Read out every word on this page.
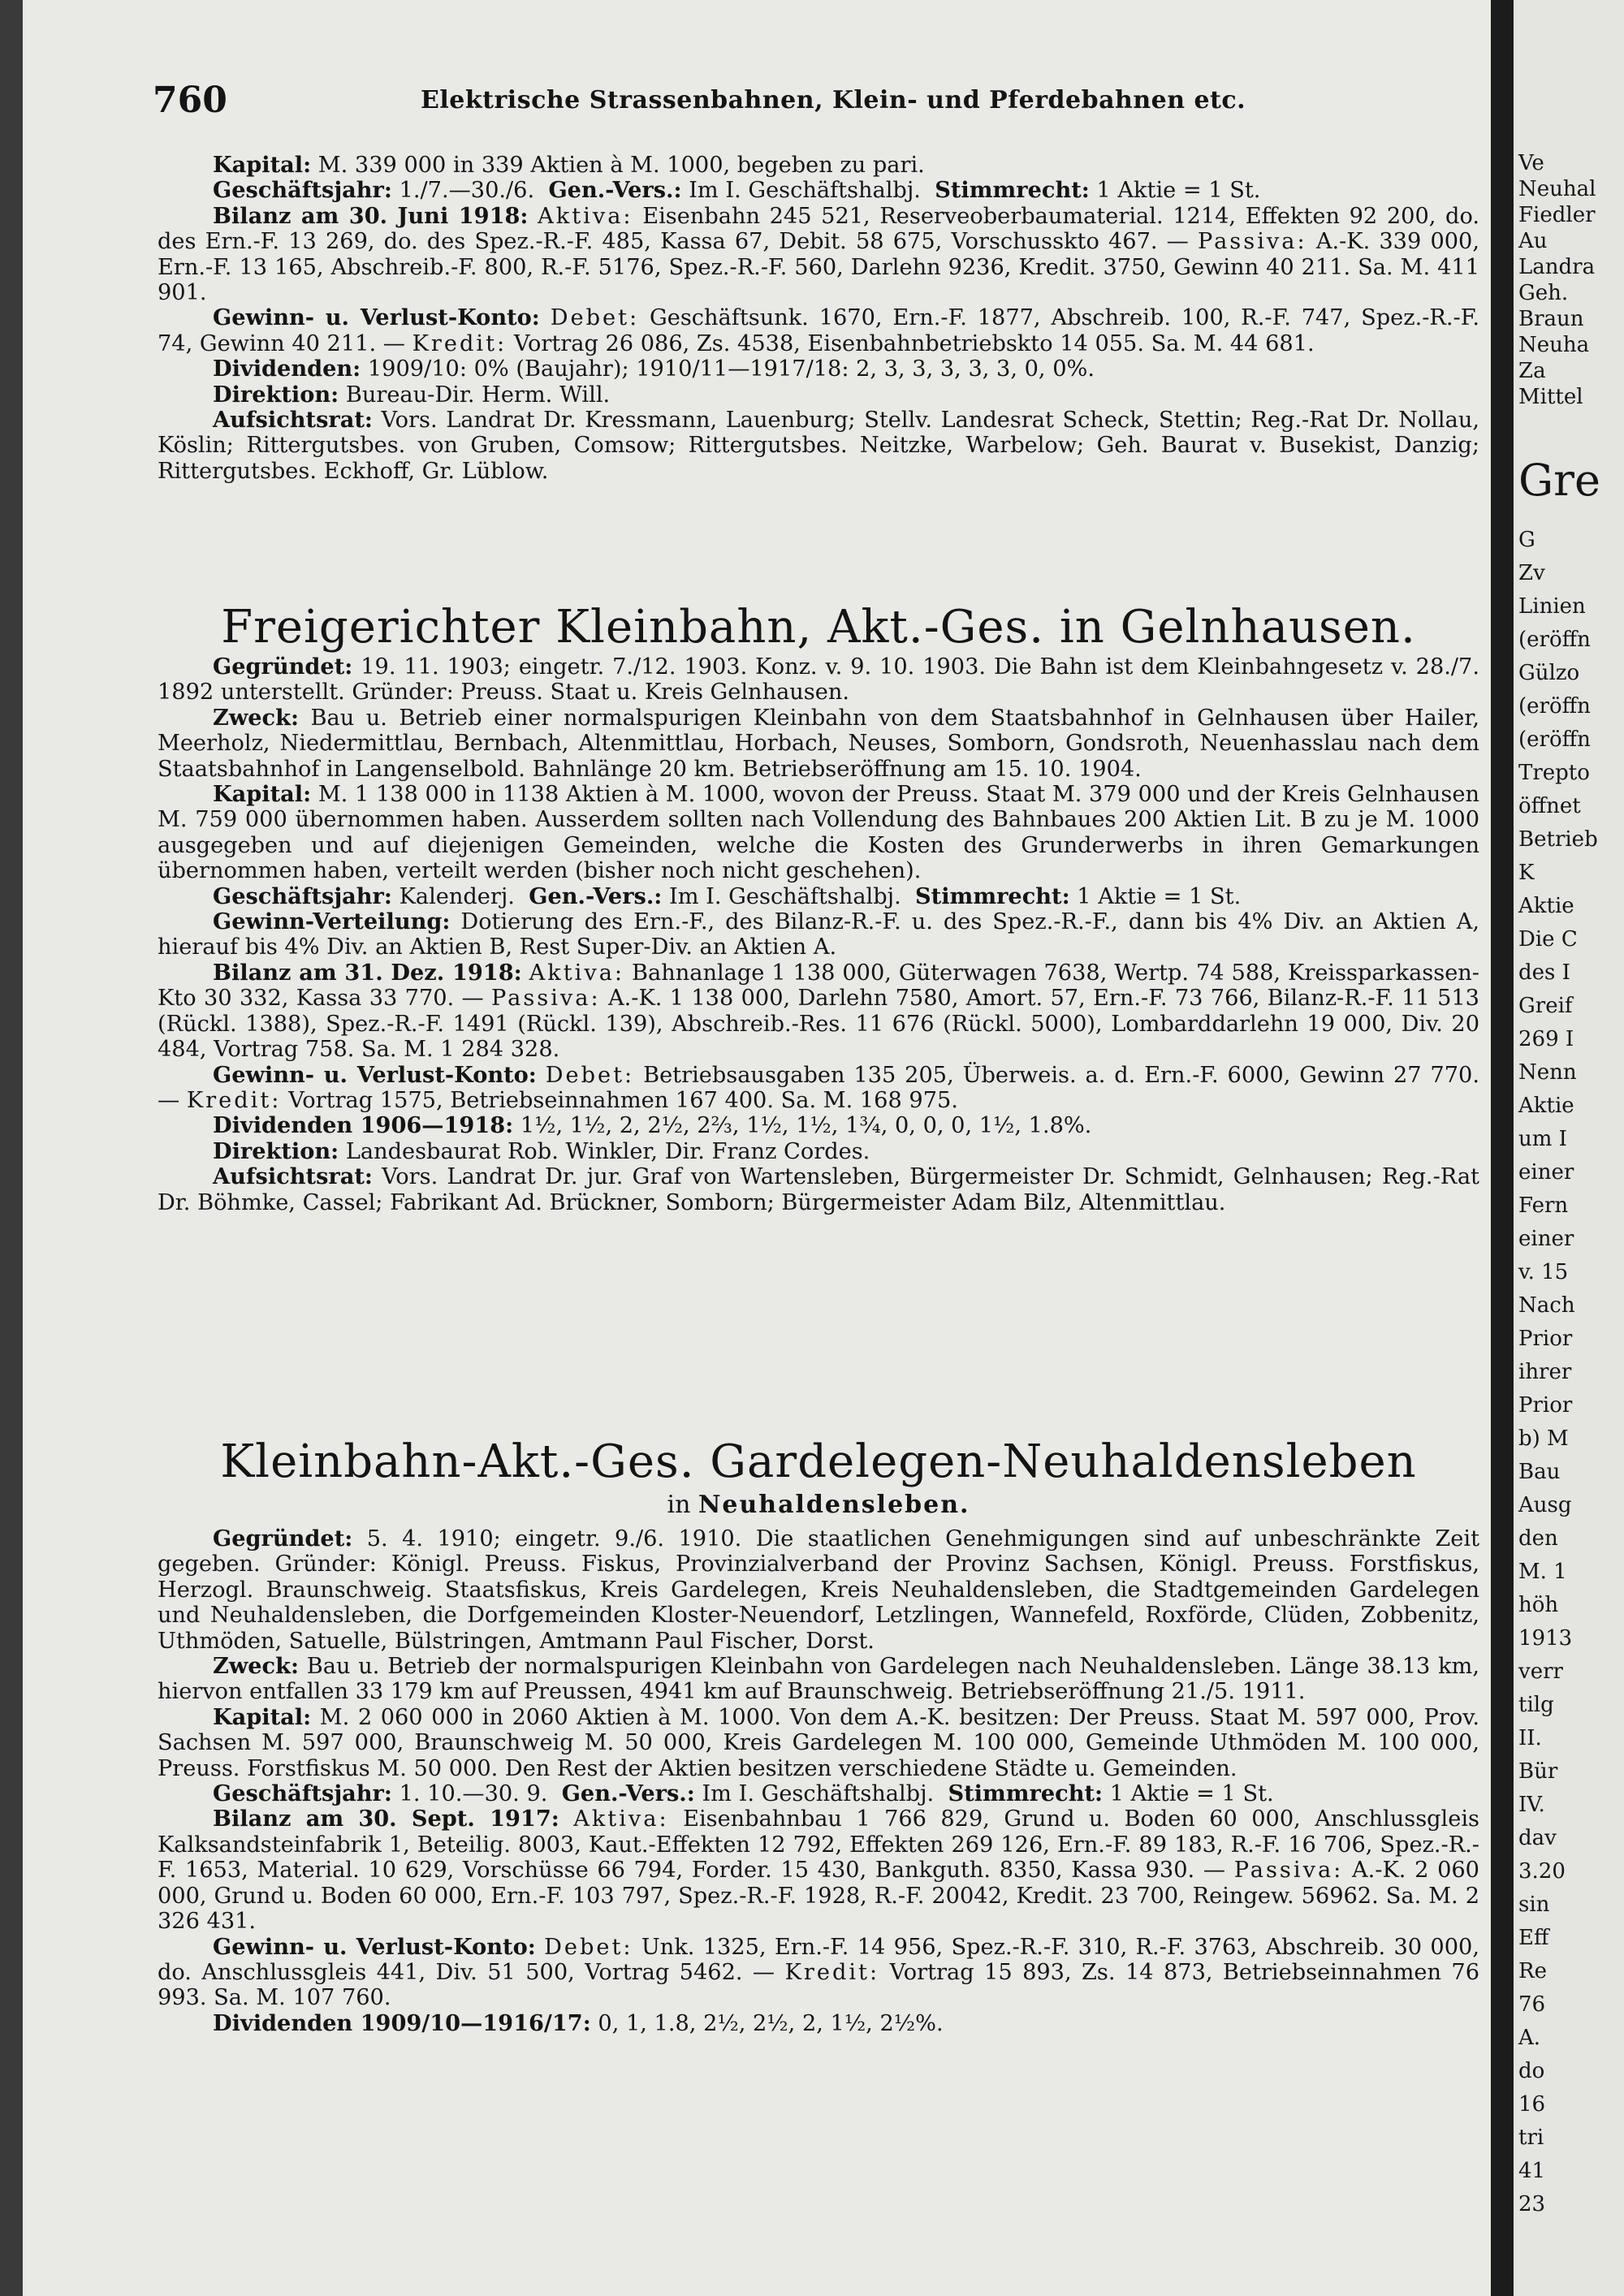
760	Elektrische Strassenbahnen, Klein- und Pferdebahnen etc.

Kapital: M. 339 000 in 339 Aktien à M. 1000, begeben zu pari.

Geschäftsjahr: 1./7.—30./6. Gen.-Vers.: Im I. Geschäftshalbj. Stimmrecht: 1 Aktie = 1 St.

Bilanz am 30. Juni 1918: Aktiva: Eisenbahn 245 521, Reserveoberbaumaterial. 1214, Effekten 92 200, do. des Ern.-F. 13 269, do. des Spez.-R.-F. 485, Kassa 67, Debit. 58 675, Vorschusskto 467. — Passiva: A.-K. 339 000, Ern.-F. 13 165, Abschreib.-F. 800, R.-F. 5176, Spez.-R.-F. 560, Darlehn 9236, Kredit. 3750, Gewinn 40 211. Sa. M. 411 901.

Gewinn- u. Verlust-Konto: Debet: Geschäftsunk. 1670, Ern.-F. 1877, Abschreib. 100, R.-F. 747, Spez.-R.-F. 74, Gewinn 40 211. — Kredit: Vortrag 26 086, Zs. 4538, Eisenbahnbetriebskto 14 055. Sa. M. 44 681.

Dividenden: 1909/10: 0% (Baujahr); 1910/11—1917/18: 2, 3, 3, 3, 3, 3, 0, 0%.

Direktion: Bureau-Dir. Herm. Will.

Aufsichtsrat: Vors. Landrat Dr. Kressmann, Lauenburg; Stellv. Landesrat Scheck, Stettin; Reg.-Rat Dr. Nollau, Köslin; Rittergutsbes. von Gruben, Comsow; Rittergutsbes. Neitzke, Warbelow; Geh. Baurat v. Busekist, Danzig; Rittergutsbes. Eckhoff, Gr. Lüblow.

Freigerichter Kleinbahn, Akt.-Ges. in Gelnhausen.

Gegründet: 19. 11. 1903; eingetr. 7./12. 1903. Konz. v. 9. 10. 1903. Die Bahn ist dem Kleinbahngesetz v. 28./7. 1892 unterstellt. Gründer: Preuss. Staat u. Kreis Gelnhausen.

Zweck: Bau u. Betrieb einer normalspurigen Kleinbahn von dem Staatsbahnhof in Gelnhausen über Hailer, Meerholz, Niedermittlau, Bernbach, Altenmittlau, Horbach, Neuses, Somborn, Gondsroth, Neuenhasslau nach dem Staatsbahnhof in Langenselbold. Bahnlänge 20 km. Betriebseröffnung am 15. 10. 1904.

Kapital: M. 1 138 000 in 1138 Aktien à M. 1000, wovon der Preuss. Staat M. 379 000 und der Kreis Gelnhausen M. 759 000 übernommen haben. Ausserdem sollten nach Vollendung des Bahnbaues 200 Aktien Lit. B zu je M. 1000 ausgegeben und auf diejenigen Gemeinden, welche die Kosten des Grunderwerbs in ihren Gemarkungen übernommen haben, verteilt werden (bisher noch nicht geschehen).

Geschäftsjahr: Kalenderj. Gen.-Vers.: Im I. Geschäftshalbj. Stimmrecht: 1 Aktie = 1 St.

Gewinn-Verteilung: Dotierung des Ern.-F., des Bilanz-R.-F. u. des Spez.-R.-F., dann bis 4% Div. an Aktien A, hierauf bis 4% Div. an Aktien B, Rest Super-Div. an Aktien A.

Bilanz am 31. Dez. 1918: Aktiva: Bahnanlage 1 138 000, Güterwagen 7638, Wertp. 74 588, Kreissparkassen-Kto 30 332, Kassa 33 770. — Passiva: A.-K. 1 138 000, Darlehn 7580, Amort. 57, Ern.-F. 73 766, Bilanz-R.-F. 11 513 (Rückl. 1388), Spez.-R.-F. 1491 (Rückl. 139), Abschreib.-Res. 11 676 (Rückl. 5000), Lombarddarlehn 19 000, Div. 20 484, Vortrag 758. Sa. M. 1 284 328.

Gewinn- u. Verlust-Konto: Debet: Betriebsausgaben 135 205, Überweis. a. d. Ern.-F. 6000, Gewinn 27 770. — Kredit: Vortrag 1575, Betriebseinnahmen 167 400. Sa. M. 168 975.

Dividenden 1906—1918: 1½, 1½, 2, 2½, 2⅔, 1½, 1½, 1¾, 0, 0, 0, 1½, 1.8%.

Direktion: Landesbaurat Rob. Winkler, Dir. Franz Cordes.

Aufsichtsrat: Vors. Landrat Dr. jur. Graf von Wartensleben, Bürgermeister Dr. Schmidt, Gelnhausen; Reg.-Rat Dr. Böhmke, Cassel; Fabrikant Ad. Brückner, Somborn; Bürgermeister Adam Bilz, Altenmittlau.

Kleinbahn-Akt.-Ges. Gardelegen-Neuhaldensleben

in Neuhaldensleben.

Gegründet: 5. 4. 1910; eingetr. 9./6. 1910. Die staatlichen Genehmigungen sind auf unbeschränkte Zeit gegeben. Gründer: Königl. Preuss. Fiskus, Provinzialverband der Provinz Sachsen, Königl. Preuss. Forstfiskus, Herzogl. Braunschweig. Staatsfiskus, Kreis Gardelegen, Kreis Neuhaldensleben, die Stadtgemeinden Gardelegen und Neuhaldensleben, die Dorfgemeinden Kloster-Neuendorf, Letzlingen, Wannefeld, Roxförde, Clüden, Zobbenitz, Uthmöden, Satuelle, Bülstringen, Amtmann Paul Fischer, Dorst.

Zweck: Bau u. Betrieb der normalspurigen Kleinbahn von Gardelegen nach Neuhaldensleben. Länge 38.13 km, hiervon entfallen 33 179 km auf Preussen, 4941 km auf Braunschweig. Betriebseröffnung 21./5. 1911.

Kapital: M. 2 060 000 in 2060 Aktien à M. 1000. Von dem A.-K. besitzen: Der Preuss. Staat M. 597 000, Prov. Sachsen M. 597 000, Braunschweig M. 50 000, Kreis Gardelegen M. 100 000, Gemeinde Uthmöden M. 100 000, Preuss. Forstfiskus M. 50 000. Den Rest der Aktien besitzen verschiedene Städte u. Gemeinden.

Geschäftsjahr: 1. 10.—30. 9. Gen.-Vers.: Im I. Geschäftshalbj. Stimmrecht: 1 Aktie = 1 St.

Bilanz am 30. Sept. 1917: Aktiva: Eisenbahnbau 1 766 829, Grund u. Boden 60 000, Anschlussgleis Kalksandsteinfabrik 1, Beteilig. 8003, Kaut.-Effekten 12 792, Effekten 269 126, Ern.-F. 89 183, R.-F. 16 706, Spez.-R.-F. 1653, Material. 10 629, Vorschüsse 66 794, Forder. 15 430, Bankguth. 8350, Kassa 930. — Passiva: A.-K. 2 060 000, Grund u. Boden 60 000, Ern.-F. 103 797, Spez.-R.-F. 1928, R.-F. 20042, Kredit. 23 700, Reingew. 56962. Sa. M. 2 326 431.

Gewinn- u. Verlust-Konto: Debet: Unk. 1325, Ern.-F. 14 956, Spez.-R.-F. 310, R.-F. 3763, Abschreib. 30 000, do. Anschlussgleis 441, Div. 51 500, Vortrag 5462. — Kredit: Vortrag 15 893, Zs. 14 873, Betriebseinnahmen 76 993. Sa. M. 107 760.

Dividenden 1909/10—1916/17: 0, 1, 1.8, 2½, 2½, 2, 1½, 2½%.

Ve
Neuhal
Fiedler
Au
Landra
Geh.
Braun
Neuha
Za
Mittel
Gre
G
Zv
Linien
(eröffn
Gülzo
(eröffn
(eröffn
Trepto
öffnet
Betrieb
K
Aktie
Die C
des I
Greif
269 I
Nenn
Aktie
um I
einer
Fern
einer
v. 15
Nach
Prior
ihrer
Prior
b) M
Bau
Ausg
den
M. 1
höh
1913
verr
tilg
II.
Bür
IV.
dav
3.20
sin
Eff
Re
76
A.
do
16
tri
41
23
